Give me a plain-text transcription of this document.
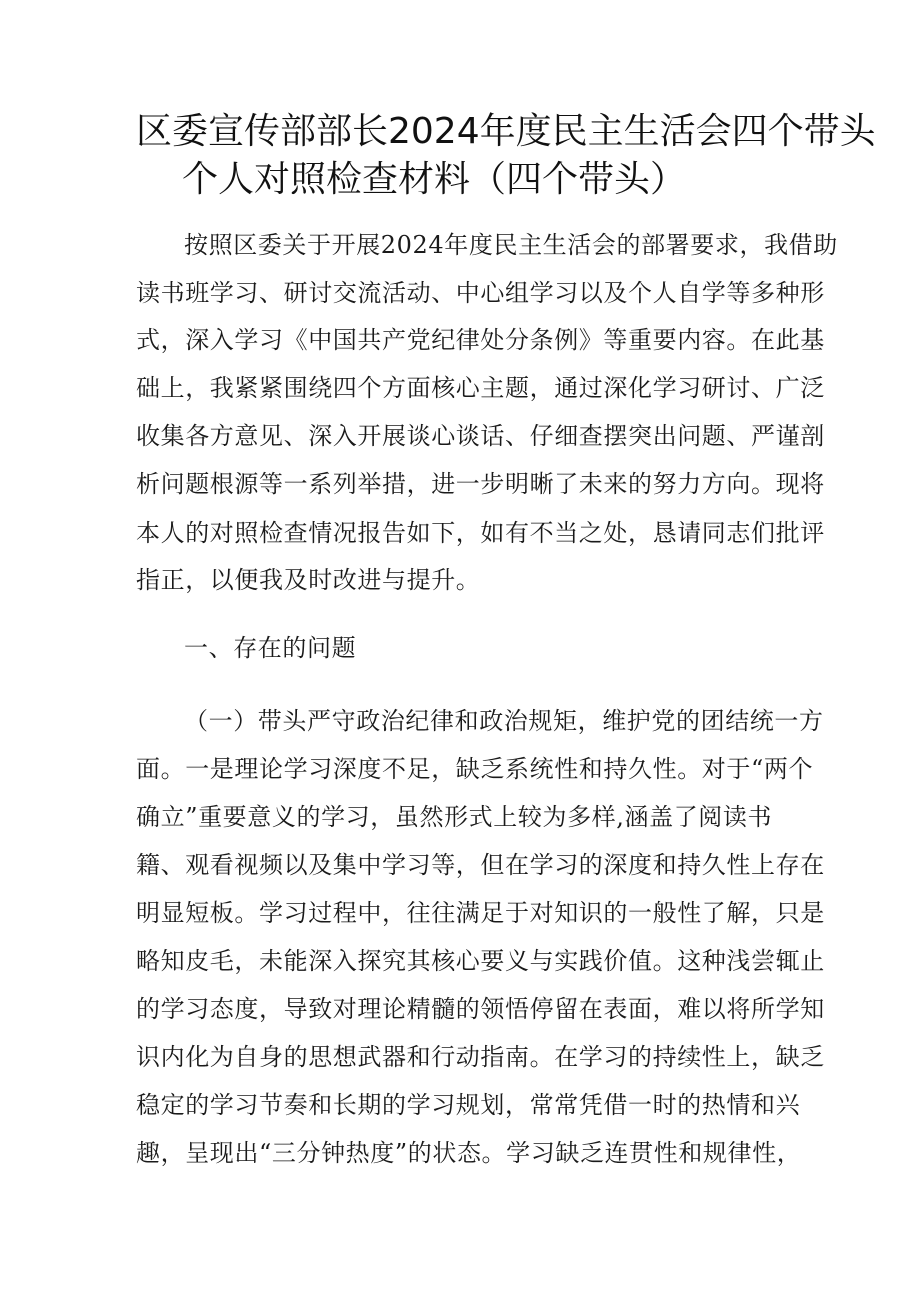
区委宣传部部长2024年度民主生活会四个带头
个人对照检查材料（四个带头）

按照区委关于开展2024年度民主生活会的部署要求，我借助

读书班学习、研讨交流活动、中心组学习以及个人自学等多种形

式，深入学习《中国共产党纪律处分条例》等重要内容。在此基

础上，我紧紧围绕四个方面核心主题，通过深化学习研讨、广泛

收集各方意见、深入开展谈心谈话、仔细查摆突出问题、严谨剖

析问题根源等一系列举措，进一步明晰了未来的努力方向。现将

本人的对照检查情况报告如下，如有不当之处，恳请同志们批评

指正，以便我及时改进与提升。

一、存在的问题

（一）带头严守政治纪律和政治规矩，维护党的团结统一方

面。一是理论学习深度不足，缺乏系统性和持久性。对于“两个

确立”重要意义的学习，虽然形式上较为多样,涵盖了阅读书

籍、观看视频以及集中学习等，但在学习的深度和持久性上存在

明显短板。学习过程中，往往满足于对知识的一般性了解，只是

略知皮毛，未能深入探究其核心要义与实践价值。这种浅尝辄止

的学习态度，导致对理论精髓的领悟停留在表面，难以将所学知

识内化为自身的思想武器和行动指南。在学习的持续性上，缺乏

稳定的学习节奏和长期的学习规划，常常凭借一时的热情和兴

趣，呈现出“三分钟热度”的状态。学习缺乏连贯性和规律性，
